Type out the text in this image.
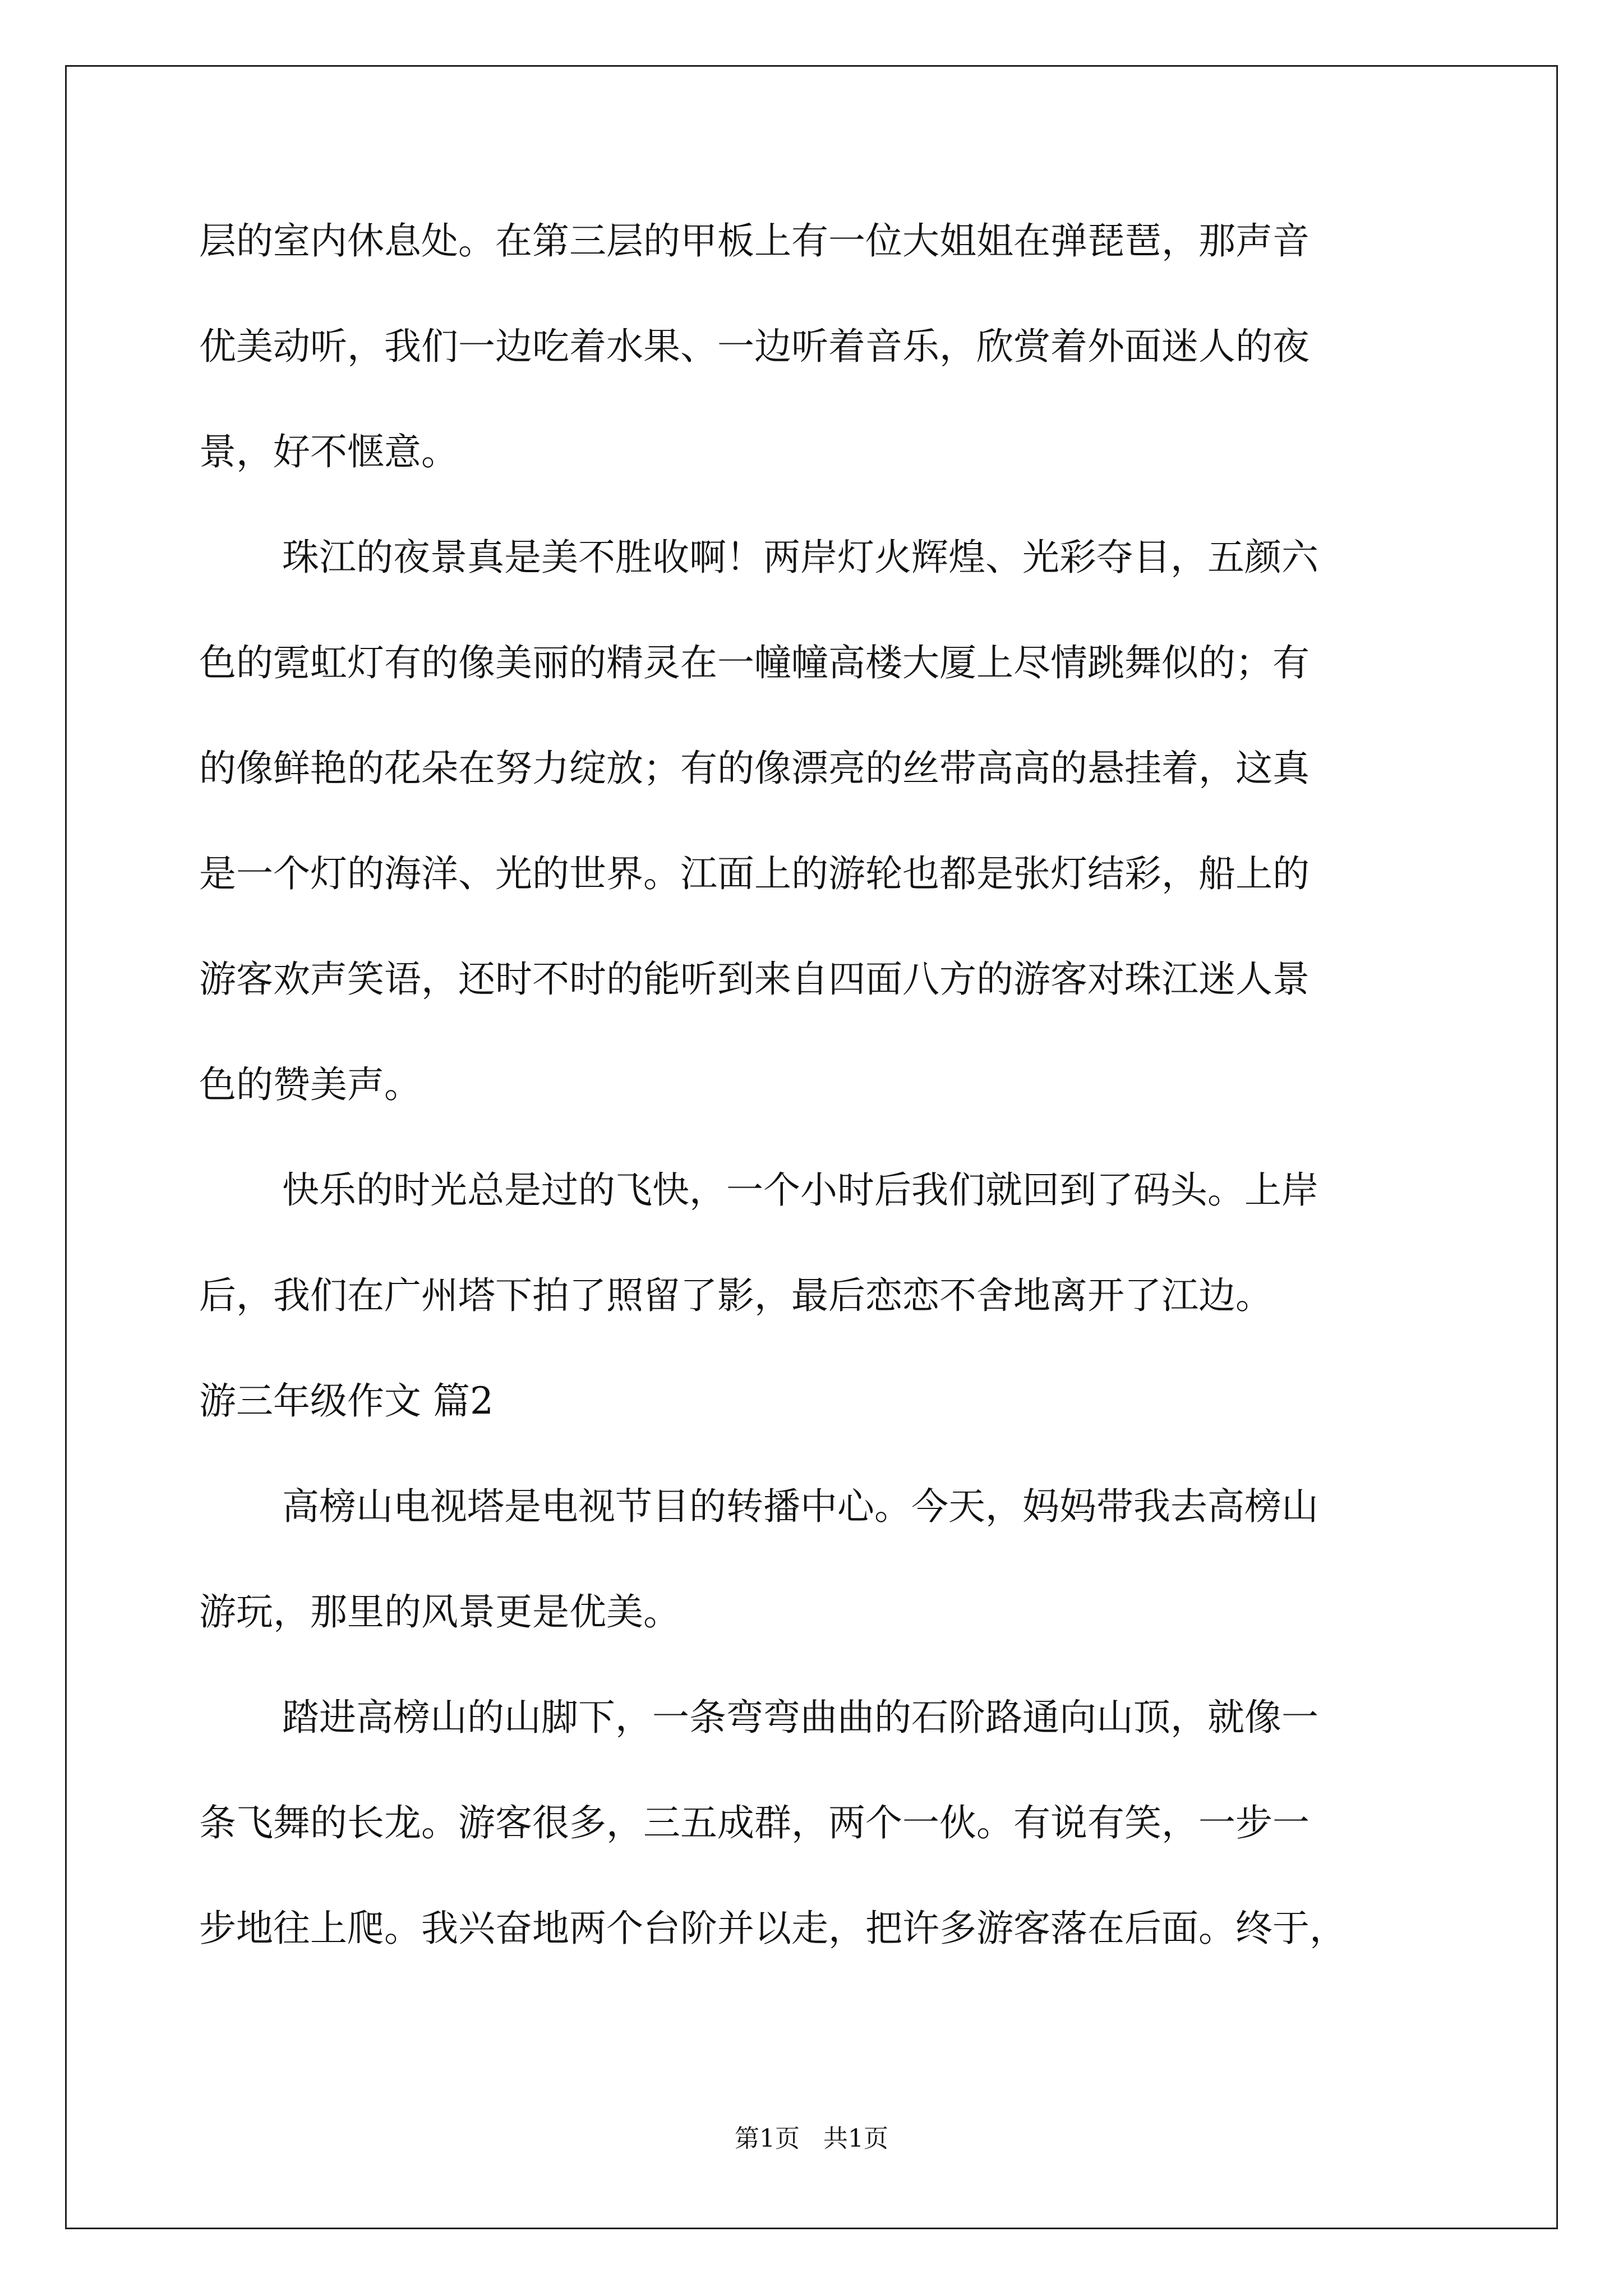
层的室内休息处。在第三层的甲板上有一位大姐姐在弹琵琶，那声音
优美动听，我们一边吃着水果、一边听着音乐，欣赏着外面迷人的夜
景，好不惬意。
珠江的夜景真是美不胜收啊！两岸灯火辉煌、光彩夺目，五颜六
色的霓虹灯有的像美丽的精灵在一幢幢高楼大厦上尽情跳舞似的；有
的像鲜艳的花朵在努力绽放；有的像漂亮的丝带高高的悬挂着，这真
是一个灯的海洋、光的世界。江面上的游轮也都是张灯结彩，船上的
游客欢声笑语，还时不时的能听到来自四面八方的游客对珠江迷人景
色的赞美声。
快乐的时光总是过的飞快，一个小时后我们就回到了码头。上岸
后，我们在广州塔下拍了照留了影，最后恋恋不舍地离开了江边。
游三年级作文 篇2
高榜山电视塔是电视节目的转播中心。今天，妈妈带我去高榜山
游玩，那里的风景更是优美。
踏进高榜山的山脚下，一条弯弯曲曲的石阶路通向山顶，就像一
条飞舞的长龙。游客很多，三五成群，两个一伙。有说有笑，一步一
步地往上爬。我兴奋地两个台阶并以走，把许多游客落在后面。终于，
第1页 共1页
